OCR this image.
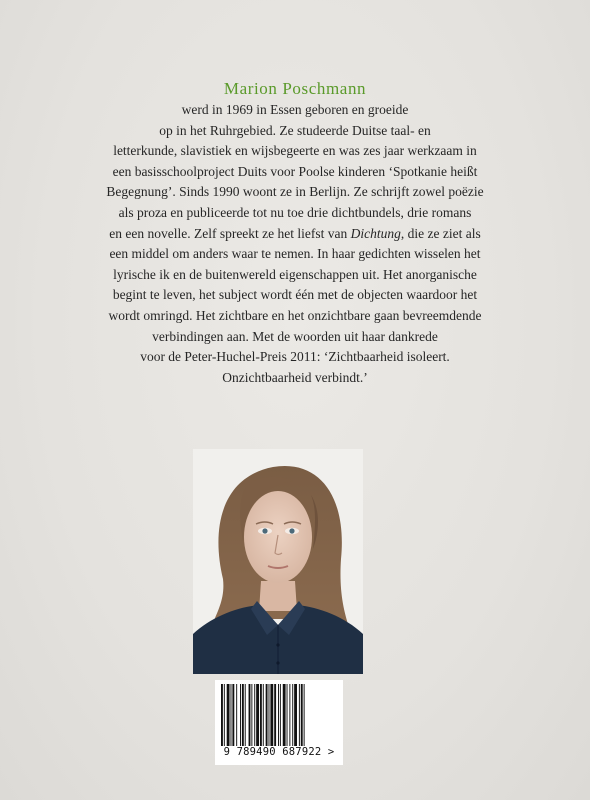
Marion Poschmann
werd in 1969 in Essen geboren en groeide
op in het Ruhrgebied. Ze studeerde Duitse taal- en
letterkunde, slavistiek en wijsbegeerte en was zes jaar werkzaam in
een basisschoolproject Duits voor Poolse kinderen ‘Spotkanie heißt
Begegnung’. Sinds 1990 woont ze in Berlijn. Ze schrijft zowel poëzie
als proza en publiceerde tot nu toe drie dichtbundels, drie romans
en een novelle. Zelf spreekt ze het liefst van Dichtung, die ze ziet als
een middel om anders waar te nemen. In haar gedichten wisselen het
lyrische ik en de buitenwereld eigenschappen uit. Het anorganische
begint te leven, het subject wordt één met de objecten waardoor het
wordt omringd. Het zichtbare en het onzichtbare gaan bevreemdende
verbindingen aan. Met de woorden uit haar dankrede
voor de Peter-Huchel-Preis 2011: ‘Zichtbaarheid isoleert.
Onzichtbaarheid verbindt.’
9 789490 687922 >
